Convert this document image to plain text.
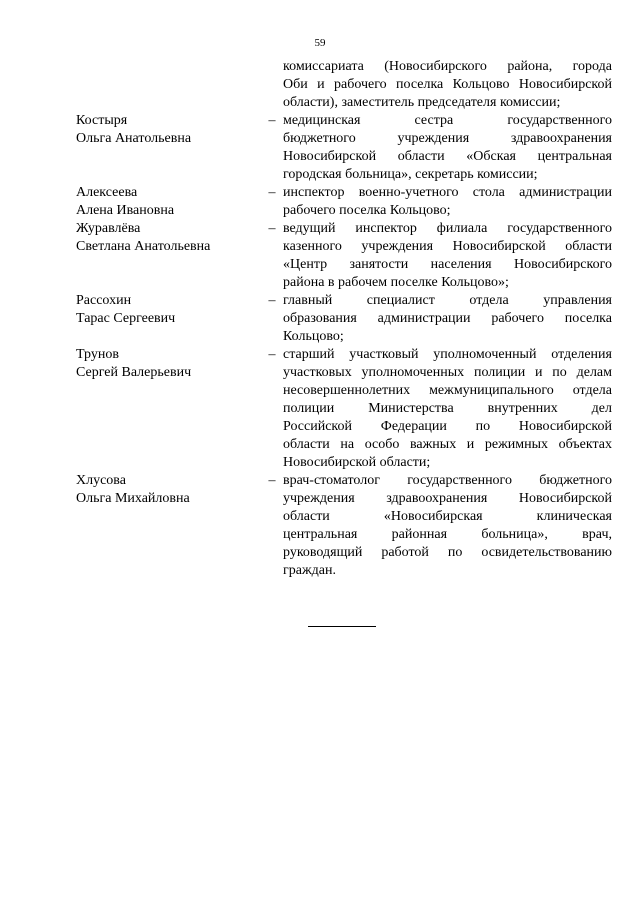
59
комиссариата (Новосибирского района, города
Оби и рабочего поселка Кольцово Новосибирской
области), заместитель председателя комиссии;
Костыря
Ольга Анатольевна
– медицинская сестра государственного
бюджетного учреждения здравоохранения
Новосибирской области «Обская центральная
городская больница», секретарь комиссии;
Алексеева
Алена Ивановна
– инспектор военно-учетного стола администрации
рабочего поселка Кольцово;
Журавлёва
Светлана Анатольевна
– ведущий инспектор филиала государственного
казенного учреждения Новосибирской области
«Центр занятости населения Новосибирского
района в рабочем поселке Кольцово»;
Рассохин
Тарас Сергеевич
– главный специалист отдела управления
образования администрации рабочего поселка
Кольцово;
Трунов
Сергей Валерьевич
– старший участковый уполномоченный отделения
участковых уполномоченных полиции и по делам
несовершеннолетних межмуниципального отдела
полиции Министерства внутренних дел
Российской Федерации по Новосибирской
области на особо важных и режимных объектах
Новосибирской области;
Хлусова
Ольга Михайловна
– врач-стоматолог государственного бюджетного
учреждения здравоохранения Новосибирской
области «Новосибирская клиническая
центральная районная больница», врач,
руководящий работой по освидетельствованию
граждан.
